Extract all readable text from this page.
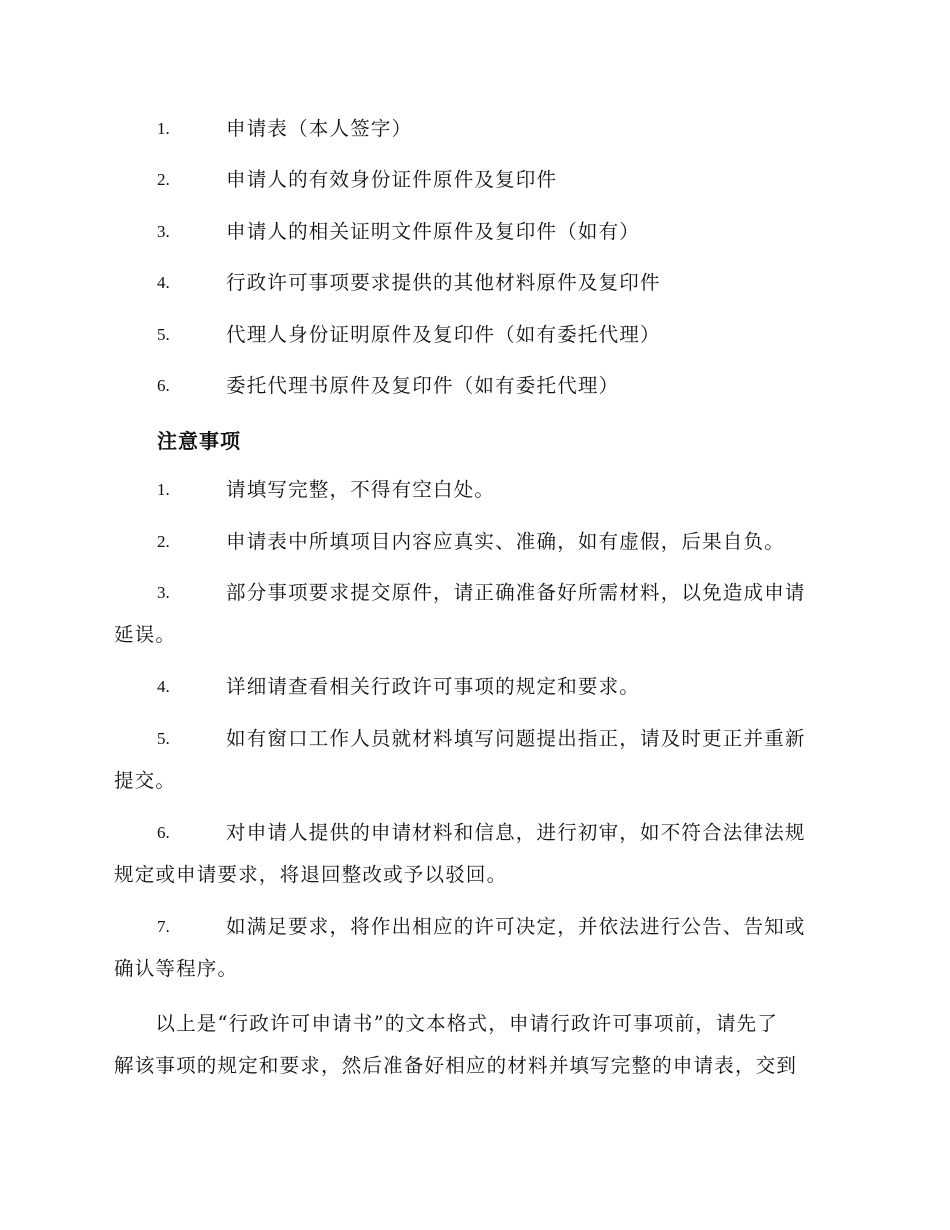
1.	申请表（本人签字）
2.	申请人的有效身份证件原件及复印件
3.	申请人的相关证明文件原件及复印件（如有）
4.	行政许可事项要求提供的其他材料原件及复印件
5.	代理人身份证明原件及复印件（如有委托代理）
6.	委托代理书原件及复印件（如有委托代理）
注意事项
1.	请填写完整，不得有空白处。
2.	申请表中所填项目内容应真实、准确，如有虚假，后果自负。
3.	部分事项要求提交原件，请正确准备好所需材料，以免造成申请
延误。
4.	详细请查看相关行政许可事项的规定和要求。
5.	如有窗口工作人员就材料填写问题提出指正，请及时更正并重新
提交。
6.	对申请人提供的申请材料和信息，进行初审，如不符合法律法规
规定或申请要求，将退回整改或予以驳回。
7.	如满足要求，将作出相应的许可决定，并依法进行公告、告知或
确认等程序。
　　以上是“行政许可申请书”的文本格式，申请行政许可事项前，请先了
解该事项的规定和要求，然后准备好相应的材料并填写完整的申请表，交到
